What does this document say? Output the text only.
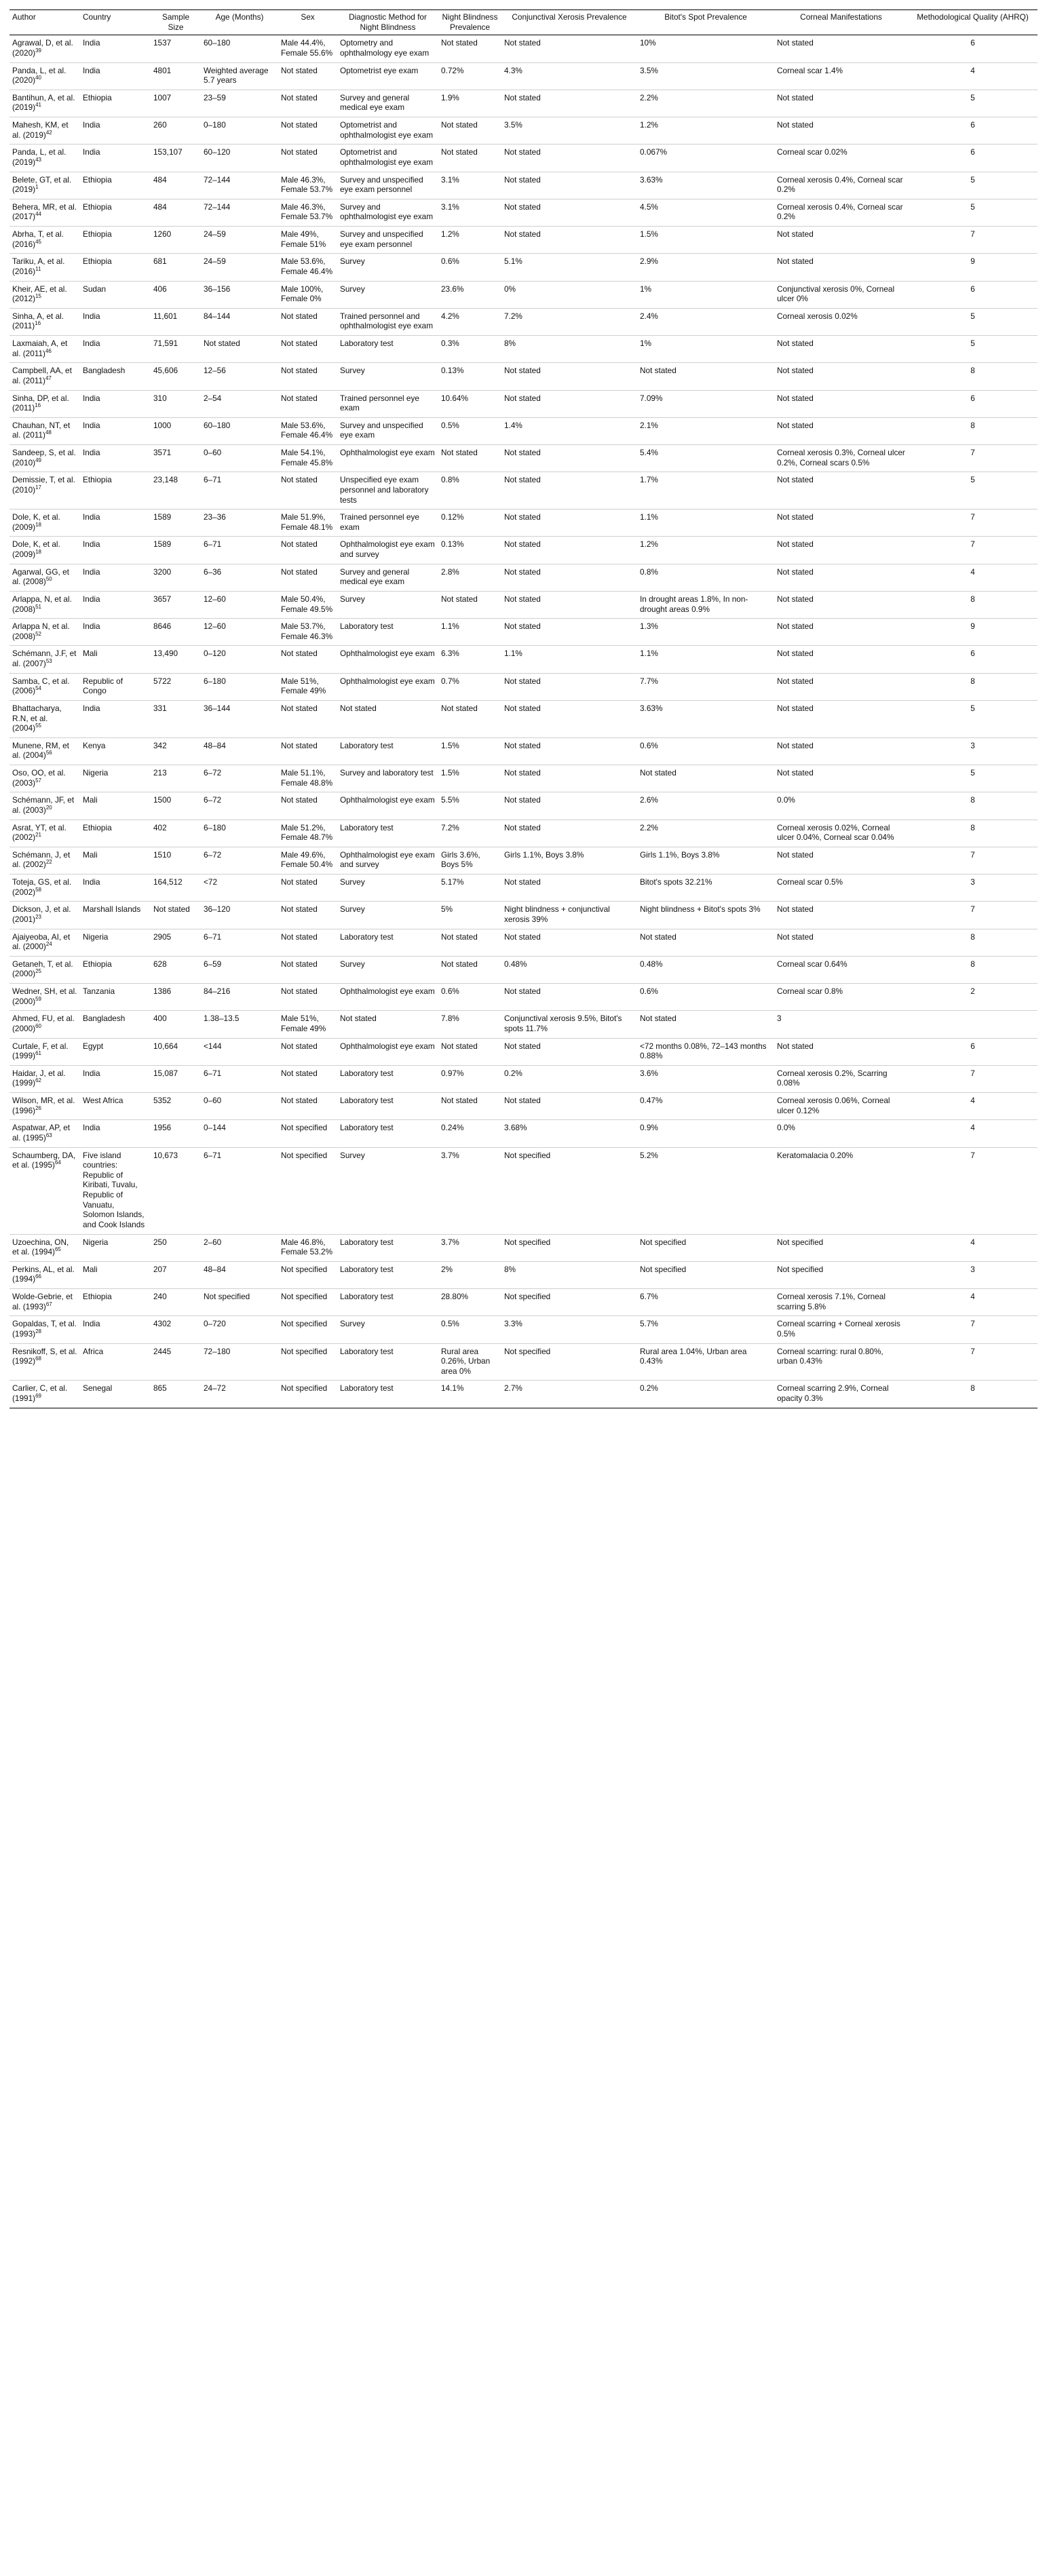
Author	Country	Sample Size	Age (Months)	Sex	Diagnostic Method for Night Blindness	Night Blindness Prevalence	Conjunctival Xerosis Prevalence	Bitot's Spot Prevalence	Corneal Manifestations	Methodological Quality (AHRQ)
Agrawal, D, et al. $(2020)^{39}$	India	1537	60–180	Male 44.4%, Female 55.6%	Optometry and ophthalmology eye exam	Not stated	Not stated	10%	Not stated	6
Panda, L, et al. $(2020)^{40}$	India	4801	Weighted average 5.7 years	Not stated	Optometrist eye exam	0.72%	4.3%	3.5%	Corneal scar 1.4%	4
Bantihun, A, et al. $(2019)^{41}$	Ethiopia	1007	23–59	Not stated	Survey and general medical eye exam	1.9%	Not stated	2.2%	Not stated	5
Mahesh, KM, et al. $(2019)^{42}$	India	260	0–180	Not stated	Optometrist and ophthalmologist eye exam	Not stated	3.5%	1.2%	Not stated	6
Panda, L, et al. $(2019)^{43}$	India	153,107	60–120	Not stated	Optometrist and ophthalmologist eye exam	Not stated	Not stated	0.067%	Corneal scar 0.02%	6
Belete, GT, et al. $(2019)^1$	Ethiopia	484	72–144	Male 46.3%, Female 53.7%	Survey and unspecified eye exam personnel	3.1%	Not stated	3.63%	Corneal xerosis 0.4%, Corneal scar 0.2%	5
Behera, MR, et al. $(2017)^{44}$	Ethiopia	484	72–144	Male 46.3%, Female 53.7%	Survey and ophthalmologist eye exam	3.1%	Not stated	4.5%	Corneal xerosis 0.4%, Corneal scar 0.2%	5
Abrha, T, et al. $(2016)^{45}$	Ethiopia	1260	24–59	Male 49%, Female 51%	Survey and unspecified eye exam personnel	1.2%	Not stated	1.5%	Not stated	7
Tariku, A, et al. $(2016)^{11}$	Ethiopia	681	24–59	Male 53.6%, Female 46.4%	Survey	0.6%	5.1%	2.9%	Not stated	9
Kheir, AE, et al. $(2012)^{15}$	Sudan	406	36–156	Male 100%, Female 0%	Survey	23.6%	0%	1%	Conjunctival xerosis 0%, Corneal ulcer 0%	6
Sinha, A, et al. $(2011)^{16}$	India	11,601	84–144	Not stated	Trained personnel and ophthalmologist eye exam	4.2%	7.2%	2.4%	Corneal xerosis 0.02%	5
Laxmaiah, A, et al. $(2011)^{46}$	India	71,591	Not stated	Not stated	Laboratory test	0.3%	8%	1%	Not stated	5
Campbell, AA, et al. $(2011)^{47}$	Bangladesh	45,606	12–56	Not stated	Survey	0.13%	Not stated	Not stated	Not stated	8
Sinha, DP, et al. $(2011)^{16}$	India	310	2–54	Not stated	Trained personnel eye exam	10.64%	Not stated	7.09%	Not stated	6
Chauhan, NT, et al. $(2011)^{48}$	India	1000	60–180	Male 53.6%, Female 46.4%	Survey and unspecified eye exam	0.5%	1.4%	2.1%	Not stated	8
Sandeep, S, et al. $(2010)^{49}$	India	3571	0–60	Male 54.1%, Female 45.8%	Ophthalmologist eye exam	Not stated	Not stated	5.4%	Corneal xerosis 0.3%, Corneal ulcer 0.2%, Corneal scars 0.5%	7
Demissie, T, et al. $(2010)^{17}$	Ethiopia	23,148	6–71	Not stated	Unspecified eye exam personnel and laboratory tests	0.8%	Not stated	1.7%	Not stated	5
Dole, K, et al. $(2009)^{18}$	India	1589	23–36	Male 51.9%, Female 48.1%	Trained personnel eye exam	0.12%	Not stated	1.1%	Not stated	7
Dole, K, et al. $(2009)^{18}$	India	1589	6–71	Not stated	Ophthalmologist eye exam and survey	0.13%	Not stated	1.2%	Not stated	7
Agarwal, GG, et al. $(2008)^{50}$	India	3200	6–36	Not stated	Survey and general medical eye exam	2.8%	Not stated	0.8%	Not stated	4
Arlappa, N, et al. $(2008)^{51}$	India	3657	12–60	Male 50.4%, Female 49.5%	Survey	Not stated	Not stated	In drought areas 1.8%, In non-drought areas 0.9%	Not stated	8
Arlappa N, et al. $(2008)^{52}$	India	8646	12–60	Male 53.7%, Female 46.3%	Laboratory test	1.1%	Not stated	1.3%	Not stated	9
Schémann, J.F, et al. $(2007)^{53}$	Mali	13,490	0–120	Not stated	Ophthalmologist eye exam	6.3%	1.1%	1.1%	Not stated	6
Samba, C, et al. $(2006)^{54}$	Republic of Congo	5722	6–180	Male 51%, Female 49%	Ophthalmologist eye exam	0.7%	Not stated	7.7%	Not stated	8
Bhattacharya, R.N, et al. $(2004)^{55}$	India	331	36–144	Not stated	Not stated	Not stated	Not stated	3.63%	Not stated	5
Munene, RM, et al. $(2004)^{56}$	Kenya	342	48–84	Not stated	Laboratory test	1.5%	Not stated	0.6%	Not stated	3
Oso, OO, et al. $(2003)^{57}$	Nigeria	213	6–72	Male 51.1%, Female 48.8%	Survey and laboratory test	1.5%	Not stated	Not stated	Not stated	5
Schémann, JF, et al. $(2003)^{20}$	Mali	1500	6–72	Not stated	Ophthalmologist eye exam	5.5%	Not stated	2.6%	0.0%	8
Asrat, YT, et al. $(2002)^{21}$	Ethiopia	402	6–180	Male 51.2%, Female 48.7%	Laboratory test	7.2%	Not stated	2.2%	Corneal xerosis 0.02%, Corneal ulcer 0.04%, Corneal scar 0.04%	8
Schémann, J, et al. $(2002)^{22}$	Mali	1510	6–72	Male 49.6%, Female 50.4%	Ophthalmologist eye exam and survey	Girls 3.6%, Boys 5%	Girls 1.1%, Boys 3.8%	Girls 1.1%, Boys 3.8%	Not stated	7
Toteja, GS, et al. $(2002)^{58}$	India	164,512	<72	Not stated	Survey	5.17%	Not stated	Bitot's spots 32.21%	Corneal scar 0.5%	3
Dickson, J, et al. $(2001)^{23}$	Marshall Islands	Not stated	36–120	Not stated	Survey	5%	Night blindness + conjunctival xerosis 39%	Night blindness + Bitot's spots 3%	Not stated	7
Ajaiyeoba, AI, et al. $(2000)^{24}$	Nigeria	2905	6–71	Not stated	Laboratory test	Not stated	Not stated	Not stated	Not stated	8
Getaneh, T, et al. $(2000)^{25}$	Ethiopia	628	6–59	Not stated	Survey	Not stated	0.48%	0.48%	Corneal scar 0.64%	8
Wedner, SH, et al. $(2000)^{59}$	Tanzania	1386	84–216	Not stated	Ophthalmologist eye exam	0.6%	Not stated	0.6%	Corneal scar 0.8%	2
Ahmed, FU, et al. $(2000)^{60}$	Bangladesh	400	1.38–13.5	Male 51%, Female 49%	Not stated	7.8%	Conjunctival xerosis 9.5%, Bitot's spots 11.7%	Not stated	3	
Curtale, F, et al. $(1999)^{61}$	Egypt	10,664	<144	Not stated	Ophthalmologist eye exam	Not stated	Not stated	<72 months 0.08%, 72–143 months 0.88%	Not stated	6
Haidar, J, et al. $(1999)^{62}$	India	15,087	6–71	Not stated	Laboratory test	0.97%	0.2%	3.6%	Corneal xerosis 0.2%, Scarring 0.08%	7
Wilson, MR, et al. $(1996)^{26}$	West Africa	5352	0–60	Not stated	Laboratory test	Not stated	Not stated	0.47%	Corneal xerosis 0.06%, Corneal ulcer 0.12%	4
Aspatwar, AP, et al. $(1995)^{63}$	India	1956	0–144	Not specified	Laboratory test	0.24%	3.68%	0.9%	0.0%	4
Schaumberg, DA, et al. $(1995)^{64}$	Five island countries: Republic of Kiribati, Tuvalu, Republic of Vanuatu, Solomon Islands, and Cook Islands	10,673	6–71	Not specified	Survey	3.7%	Not specified	5.2%	Keratomalacia 0.20%	7
Uzoechina, ON, et al. $(1994)^{65}$	Nigeria	250	2–60	Male 46.8%, Female 53.2%	Laboratory test	3.7%	Not specified	Not specified	Not specified	4
Perkins, AL, et al. $(1994)^{66}$	Mali	207	48–84	Not specified	Laboratory test	2%	8%	Not specified	Not specified	3
Wolde-Gebrie, et al. $(1993)^{67}$	Ethiopia	240	Not specified	Not specified	Laboratory test	28.80%	Not specified	6.7%	Corneal xerosis 7.1%, Corneal scarring 5.8%	4
Gopaldas, T, et al. $(1993)^{28}$	India	4302	0–720	Not specified	Survey	0.5%	3.3%	5.7%	Corneal scarring + Corneal xerosis 0.5%	7
Resnikoff, S, et al. $(1992)^{68}$	Africa	2445	72–180	Not specified	Laboratory test	Rural area 0.26%, Urban area 0%	Not specified	Rural area 1.04%, Urban area 0.43%	Corneal scarring: rural 0.80%, urban 0.43%	7
Carlier, C, et al. $(1991)^{69}$	Senegal	865	24–72	Not specified	Laboratory test	14.1%	2.7%	0.2%	Corneal scarring 2.9%, Corneal opacity 0.3%	8
